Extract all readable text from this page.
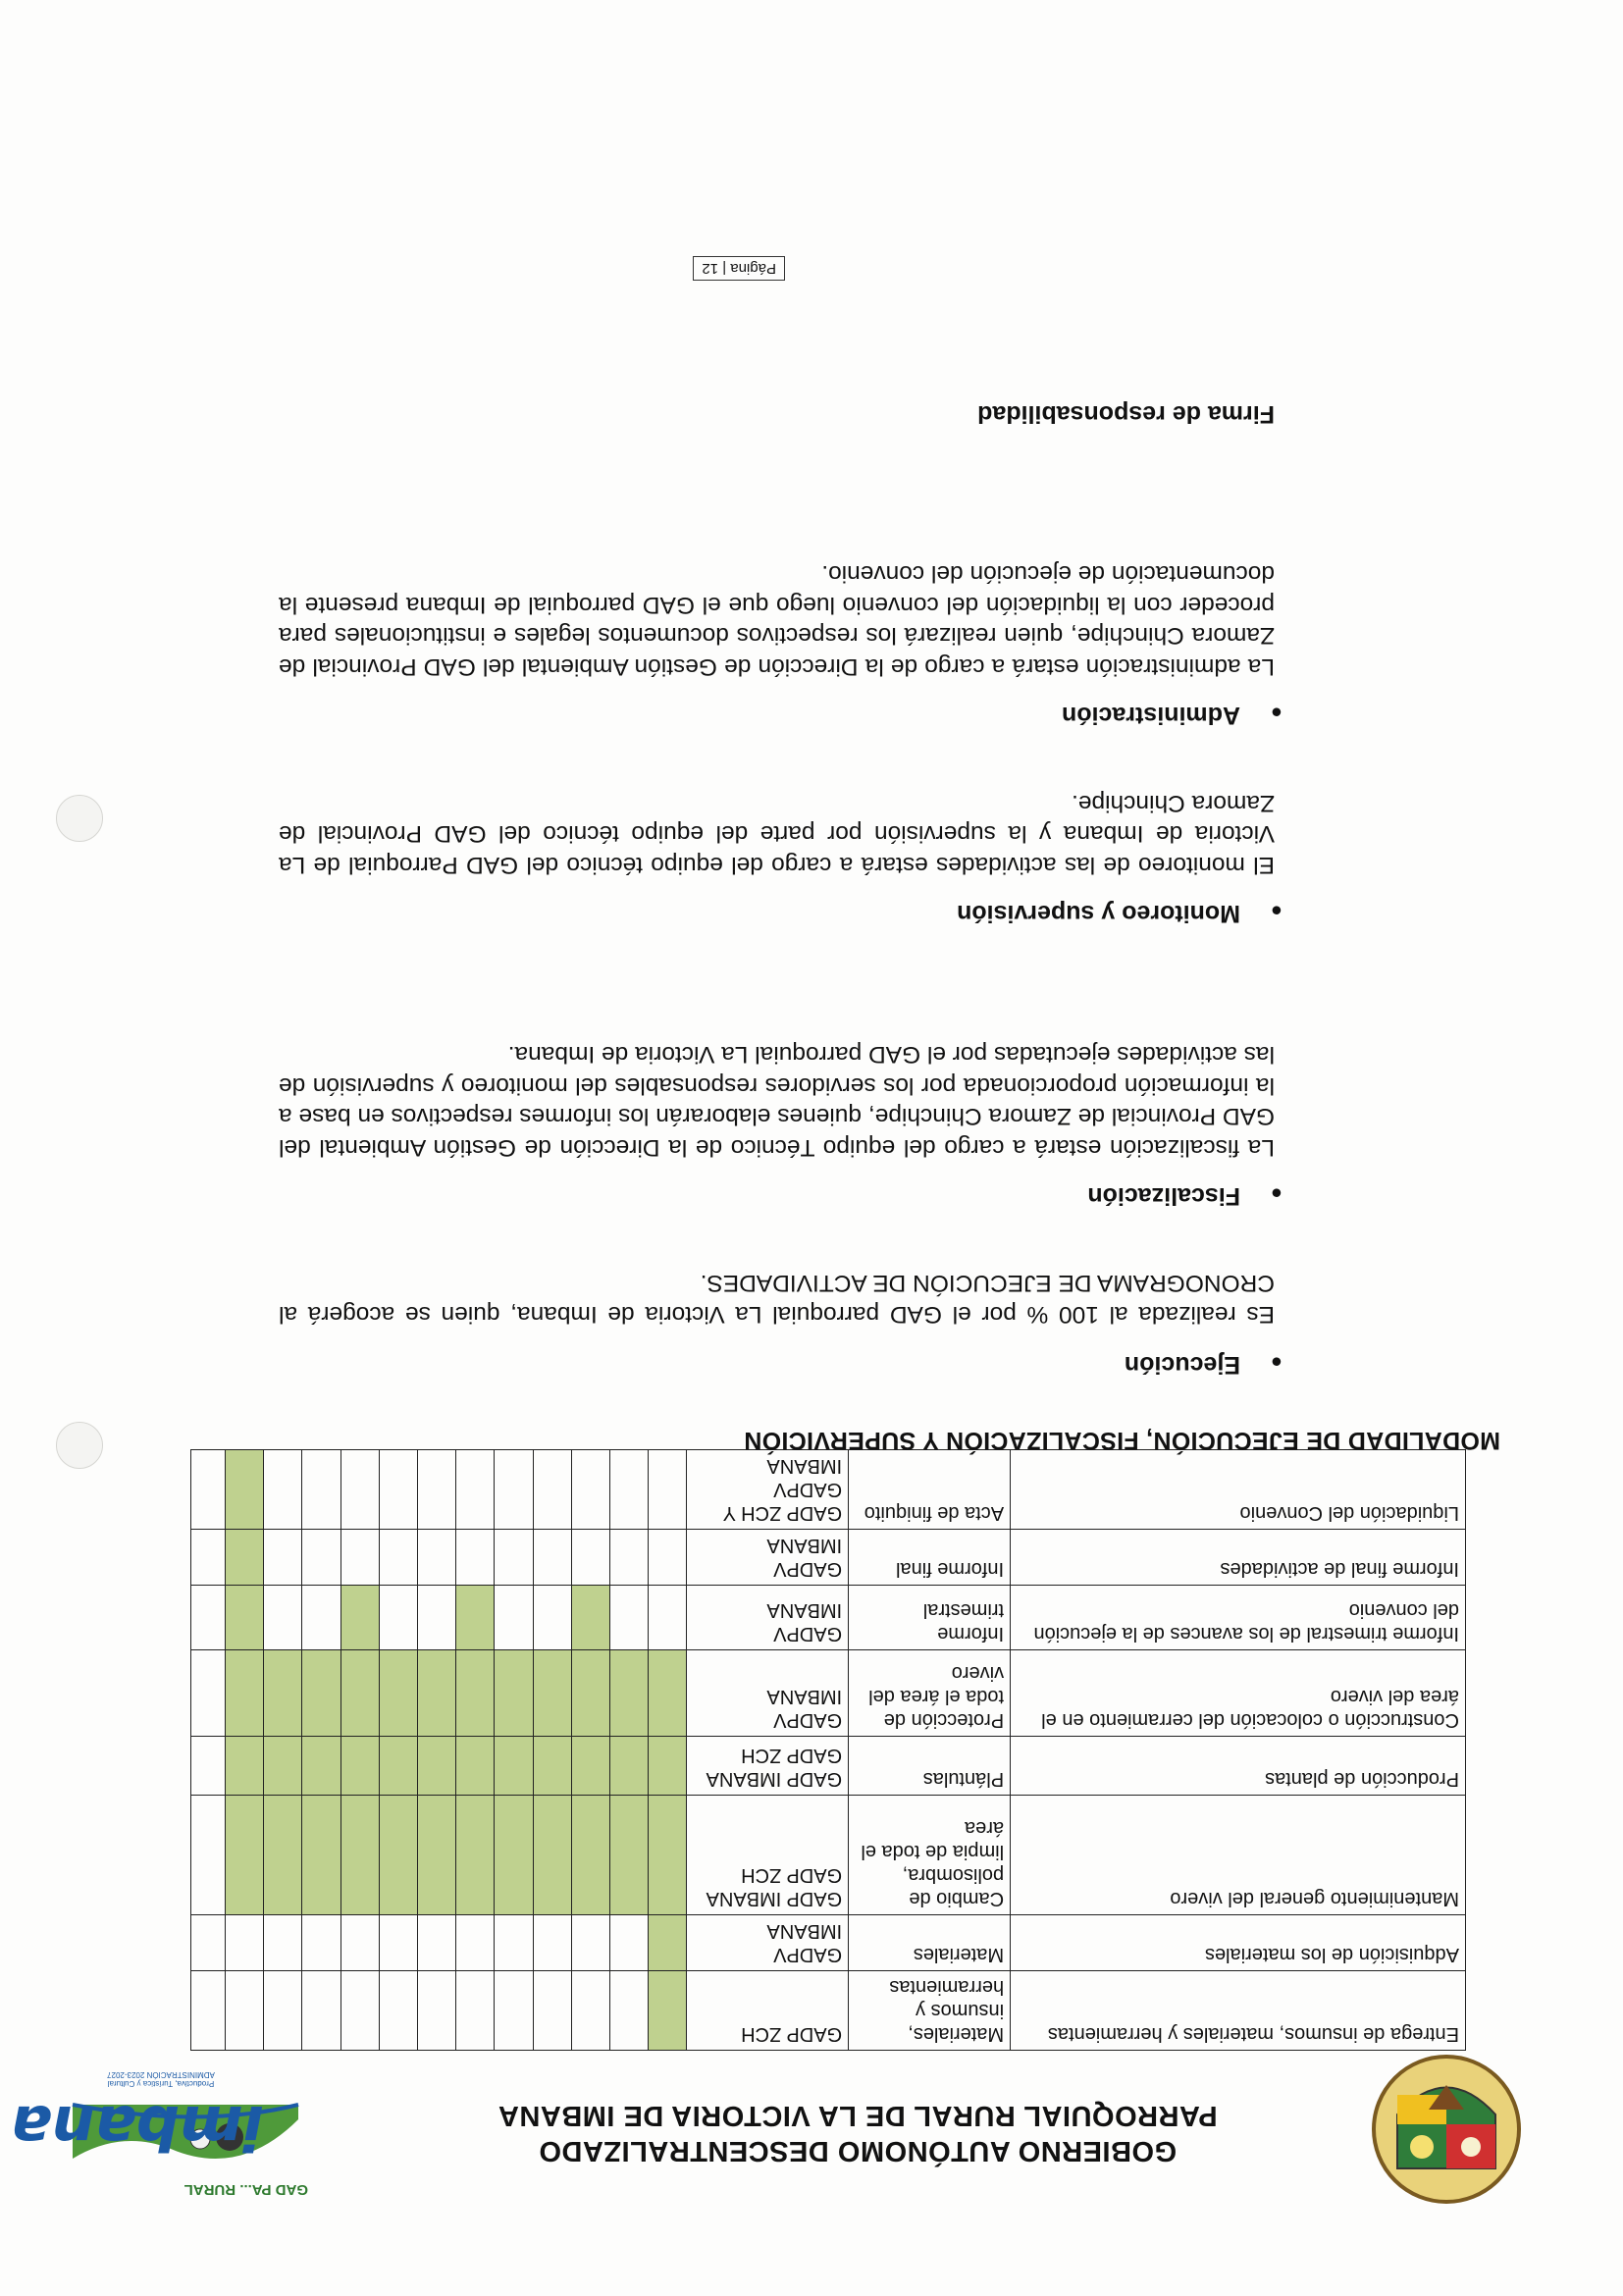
GOBIERNO AUTÓNOMO DESCENTRALIZADO
PARROQUIAL RURAL DE LA VICTORIA DE IMBANA
GAD PA... RURAL
imbana
Productiva, Turística y Cultural
ADMINISTRACIÓN 2023-2027
Entrega de insumos, materiales y herramientas	Materiales, insumos y herramientas	GADP ZCH													
Adquisición de los materiales	Materiales	GADPV IMBANA													
Mantenimiento general del vivero	Cambio de polisombra, limpia de toda el área	GADP IMBANA GADP ZCH													
Producción de plantas	Plántulas	GADP IMBANA GADP ZCH													
Construcción o colocación del cerramiento en el área del vivero	Protección de toda el área del vivero	GADPV IMBANA													
Informe trimestral de los avances de la ejecución del convenio	Informe trimestral	GADPV IMBANA													
Informe final de actividades	Informe final	GADPV IMBANA													
Liquidación del Convenio	Acta de finiquito	GADP ZCH Y GADPV IMBANA													
MODALIDAD DE EJECUCIÓN, FISCALIZACIÓN Y SUPERVICIÓN
●
Ejecución
Es realizada al 100 % por el GAD parroquial La Victoria de Imbana, quien se acogerá al CRONOGRAMA DE EJECUCIÓN DE ACTIVIDADES.
●
Fiscalización
La fiscalización estará a cargo del equipo Técnico de la Dirección de Gestión Ambiental del GAD Provincial de Zamora Chinchipe, quienes elaborarán los informes respectivos en base a la información proporcionada por los servidores responsables del monitoreo y supervisión de las actividades ejecutadas por el GAD parroquial La Victoria de Imbana.
●
Monitoreo y supervisión
El monitoreo de las actividades estará a cargo del equipo técnico del GAD Parroquial de La Victoria de Imbana y la supervisión por parte del equipo técnico del GAD Provincial de Zamora Chinchipe.
●
Administración
La administración estará a cargo de la Dirección de Gestión Ambiental del GAD Provincial de Zamora Chinchipe, quien realizará los respectivos documentos legales e institucionales para proceder con la liquidación del convenio luego que el GAD parroquial de Imbana presente la documentación de ejecución del convenio.
Firma de responsabilidad
Página | 12
